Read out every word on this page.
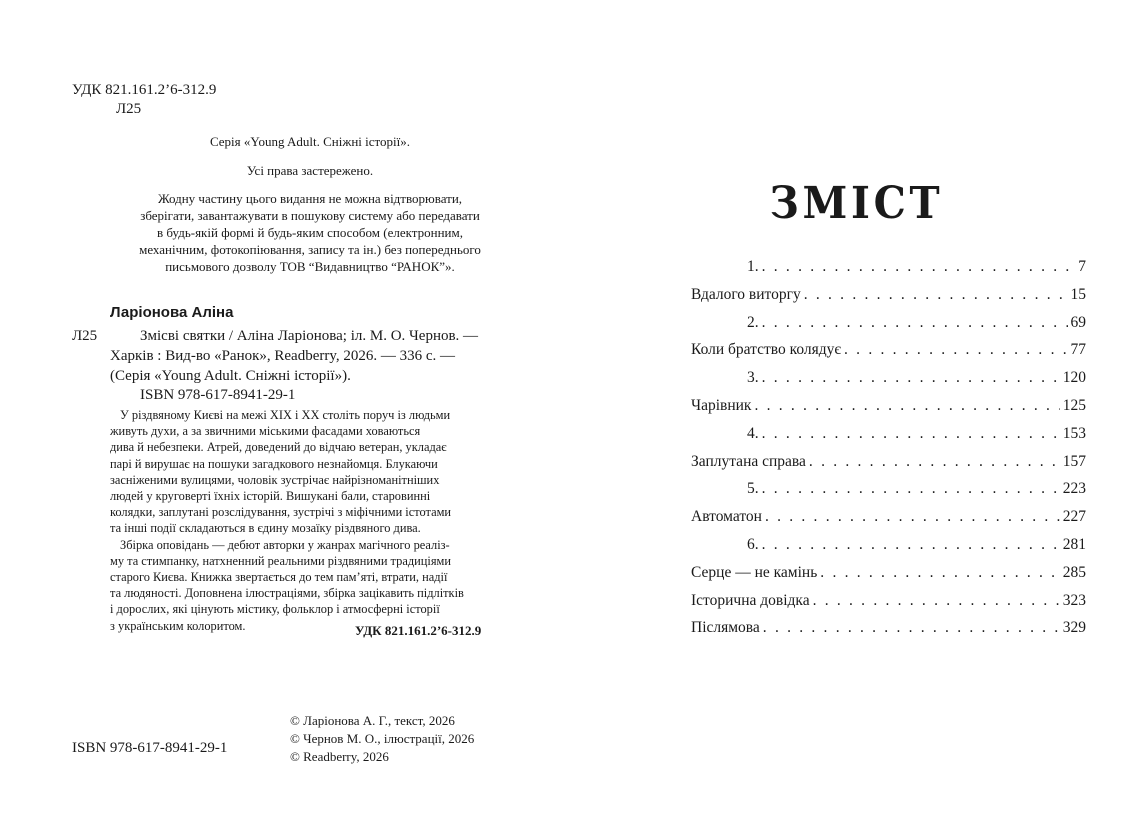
УДК 821.161.2’6-312.9
Л25
Серія «Young Adult. Сніжні історії».
Усі права застережено.
Жодну частину цього видання не можна відтворювати,
зберігати, завантажувати в пошукову систему або передавати
в будь-якій формі й будь-яким способом (електронним,
механічним, фотокопіювання, запису та ін.) без попереднього
письмового дозволу ТОВ “Видавництво “РАНОК”».
Ларіонова Аліна
Л25	Змісві святки / Аліна Ларіонова; іл. М. О. Чернов. —
Харків : Вид-во «Ранок», Readberry, 2026. — 336 с. —
(Серія «Young Adult. Сніжні історії»).
ISBN 978-617-8941-29-1
У різдвяному Києві на межі XIX і XX століть поруч із людьми
живуть духи, а за звичними міськими фасадами ховаються
дива й небезпеки. Атрей, доведений до відчаю ветеран, укладає
парі й вирушає на пошуки загадкового незнайомця. Блукаючи
засніженими вулицями, чоловік зустрічає найрізноманітніших
людей у круговерті їхніх історій. Вишукані бали, старовинні
колядки, заплутані розслідування, зустрічі з міфічними істотами
та інші події складаються в єдину мозаїку різдвяного дива.
Збірка оповідань — дебют авторки у жанрах магічного реаліз-
му та стимпанку, натхненний реальними різдвяними традиціями
старого Києва. Книжка звертається до тем пам’яті, втрати, надії
та людяності. Доповнена ілюстраціями, збірка зацікавить підлітків
і дорослих, які цінують містику, фольклор і атмосферні історії
з українським колоритом.	УДК 821.161.2’6-312.9
ISBN 978-617-8941-29-1
© Ларіонова А. Г., текст, 2026
© Чернов М. О., ілюстрації, 2026
© Readberry, 2026
ЗМІСТ
1. . . .	7
Вдалого виторгу . . .	15
2. . . .	69
Коли братство колядує . . .	77
3. . . .	120
Чарівник . . .	125
4. . . .	153
Заплутана справа . . .	157
5. . . .	223
Автоматон . . .	227
6. . . .	281
Серце — не камінь . . .	285
Історична довідка . . .	323
Післямова . . .	329
